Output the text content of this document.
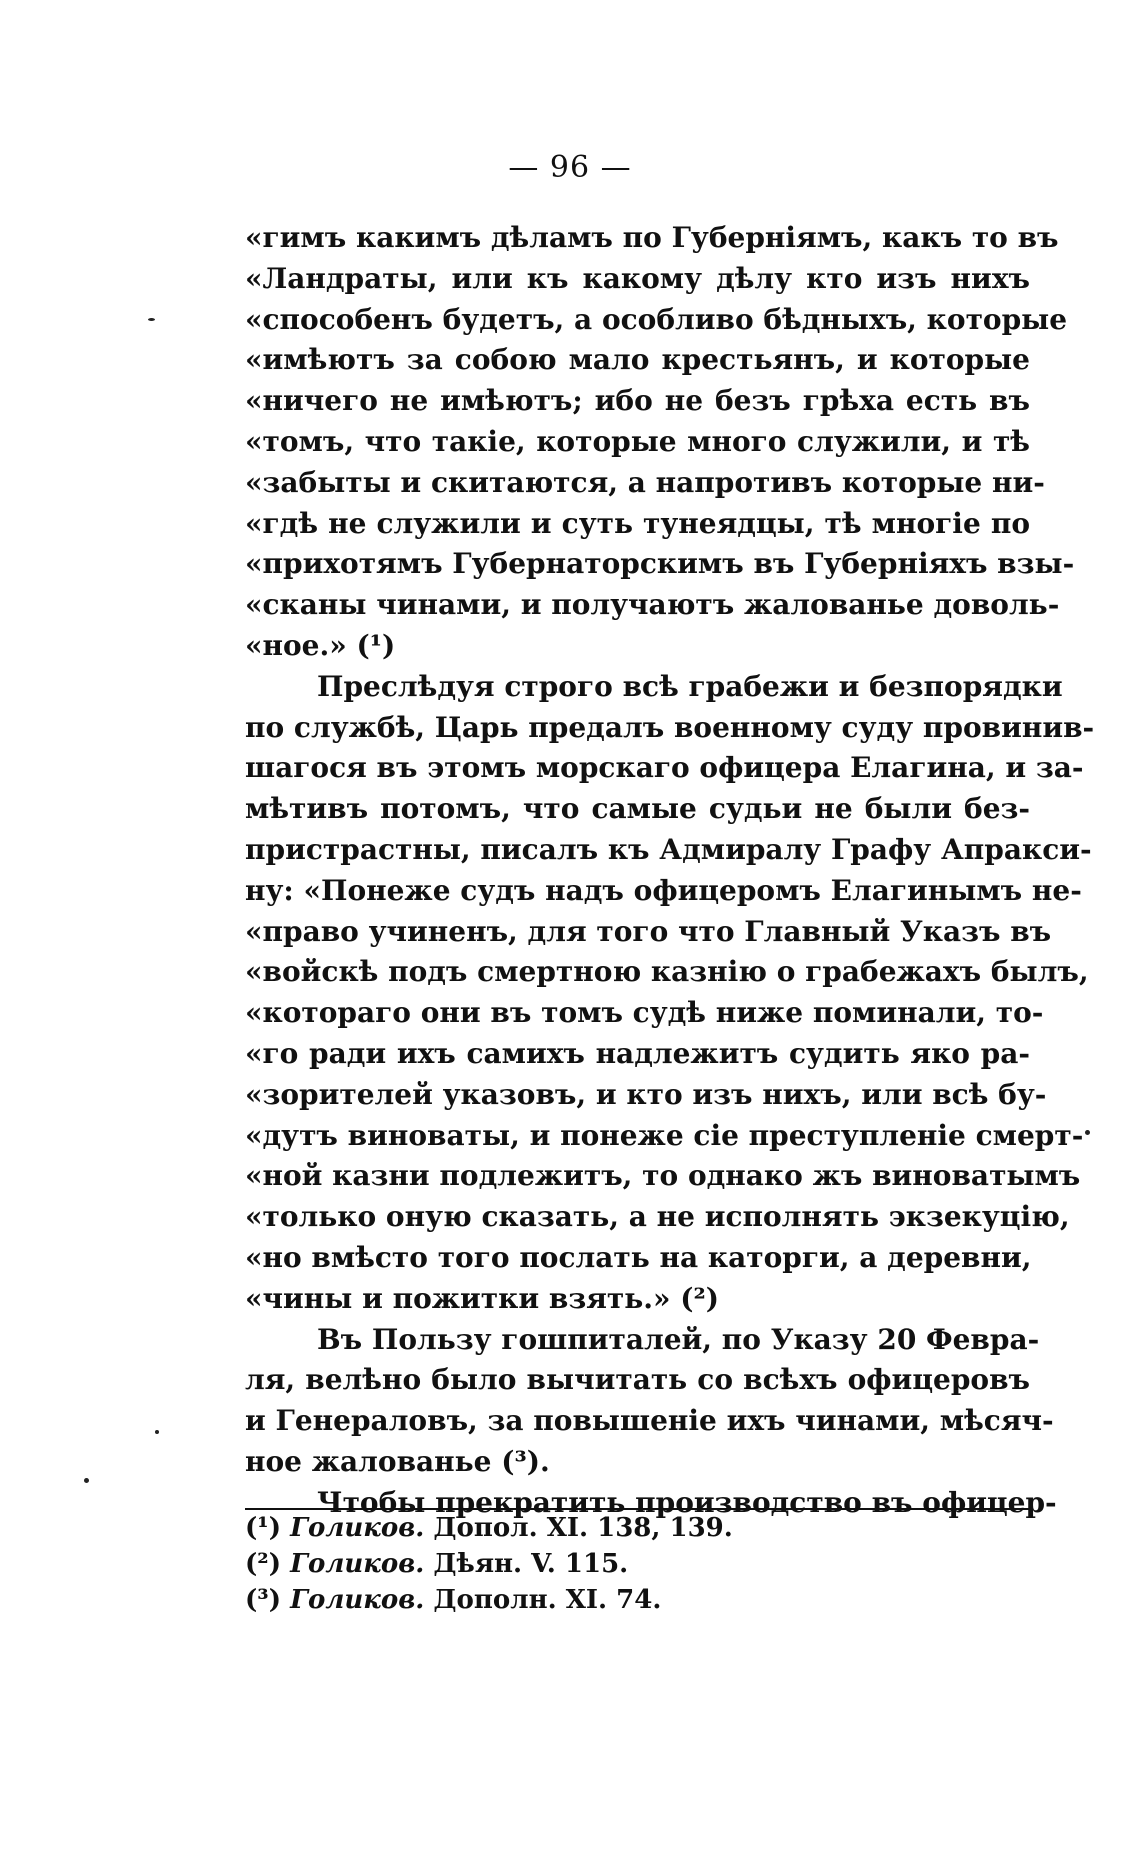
— 96 —
«гимъ какимъ дѣламъ по Губерніямъ, какъ то въ
«Ландраты, или къ какому дѣлу кто изъ нихъ
«способенъ будетъ, а особливо бѣдныхъ, которые
«имѣютъ за собою мало крестьянъ, и которые
«ничего не имѣютъ; ибо не безъ грѣха есть въ
«томъ, что такіе, которые много служили, и тѣ
«забыты и скитаются, а напротивъ которые ни-
«гдѣ не служили и суть тунеядцы, тѣ многіе по
«прихотямъ Губернаторскимъ въ Губерніяхъ взы-
«сканы чинами, и получаютъ жалованье доволь-
«ное.» (¹)
Преслѣдуя строго всѣ грабежи и безпорядки
по службѣ, Царь предалъ военному суду провинив-
шагося въ этомъ морскаго офицера Елагина, и за-
мѣтивъ потомъ, что самые судьи не были без-
пристрастны, писалъ къ Адмиралу Графу Апракси-
ну: «Понеже судъ надъ офицеромъ Елагинымъ не-
«право учиненъ, для того что Главный Указъ въ
«войскѣ подъ смертною казнію о грабежахъ былъ,
«котораго они въ томъ судѣ ниже поминали, то-
«го ради ихъ самихъ надлежитъ судить яко ра-
«зорителей указовъ, и кто изъ нихъ, или всѣ бу-
«дутъ виноваты, и понеже сіе преступленіе смерт-
«ной казни подлежитъ, то однако жъ виноватымъ
«только оную сказать, а не исполнять экзекуцію,
«но вмѣсто того послать на каторги, а деревни,
«чины и пожитки взять.» (²)
Въ Пользу гошпиталей, по Указу 20 Февра-
ля, велѣно было вычитать со всѣхъ офицеровъ
и Генераловъ, за повышеніе ихъ чинами, мѣсяч-
ное жалованье (³).
Чтобы прекратить производство въ офицер-
(¹) Голиков. Допол. XI. 138, 139.
(²) Голиков. Дѣян. V. 115.
(³) Голиков. Дополн. XI. 74.
